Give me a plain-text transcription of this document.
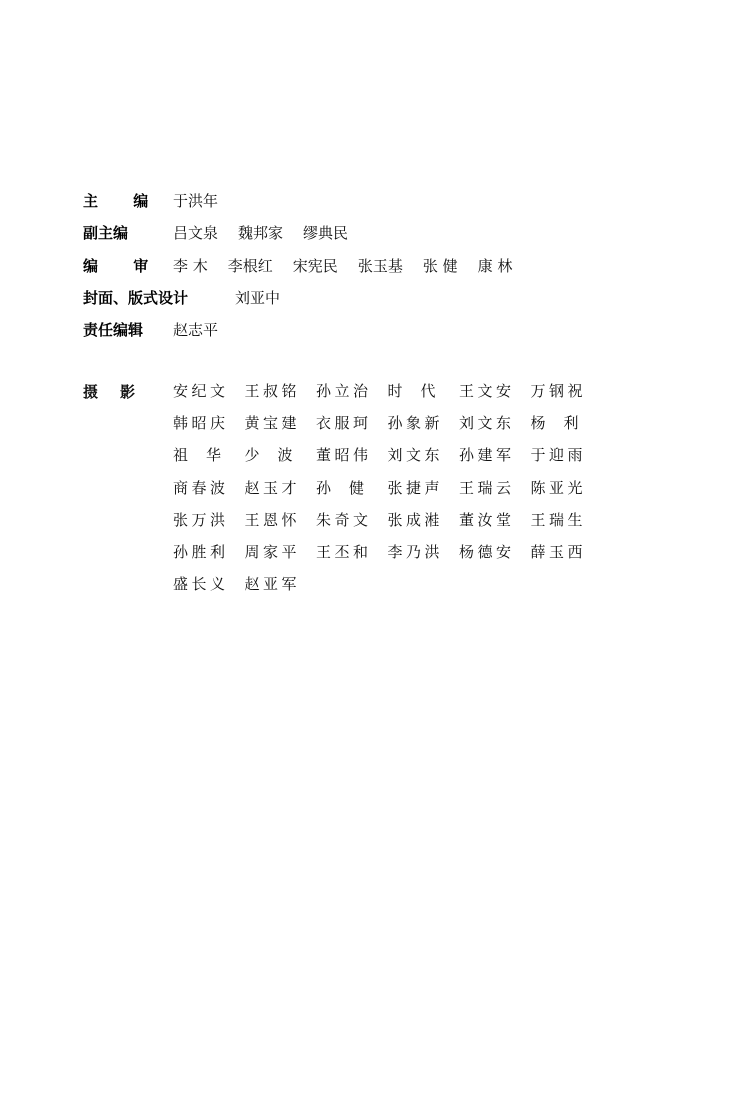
主 编 于洪年
副主编	吕文泉 魏邦家 缪典民
编 审 李 木 李根红 宋宪民 张玉基 张 健 康 林
封面、版式设计	刘亚中
责任编辑 赵志平
摄影	安纪文 王叔铭 孙立治 时代 王文安 万钢祝
韩昭庆 黄宝建 衣服珂 孙象新 刘文东 杨利
祖华 少波 董昭伟 刘文东 孙建军 于迎雨
商春波 赵玉才 孙健 张捷声 王瑞云 陈亚光
张万洪 王恩怀 朱奇文 张成溎 董汝堂 王瑞生
孙胜利 周家平 王丕和 李乃洪 杨德安 薛玉西
盛长义 赵亚军
